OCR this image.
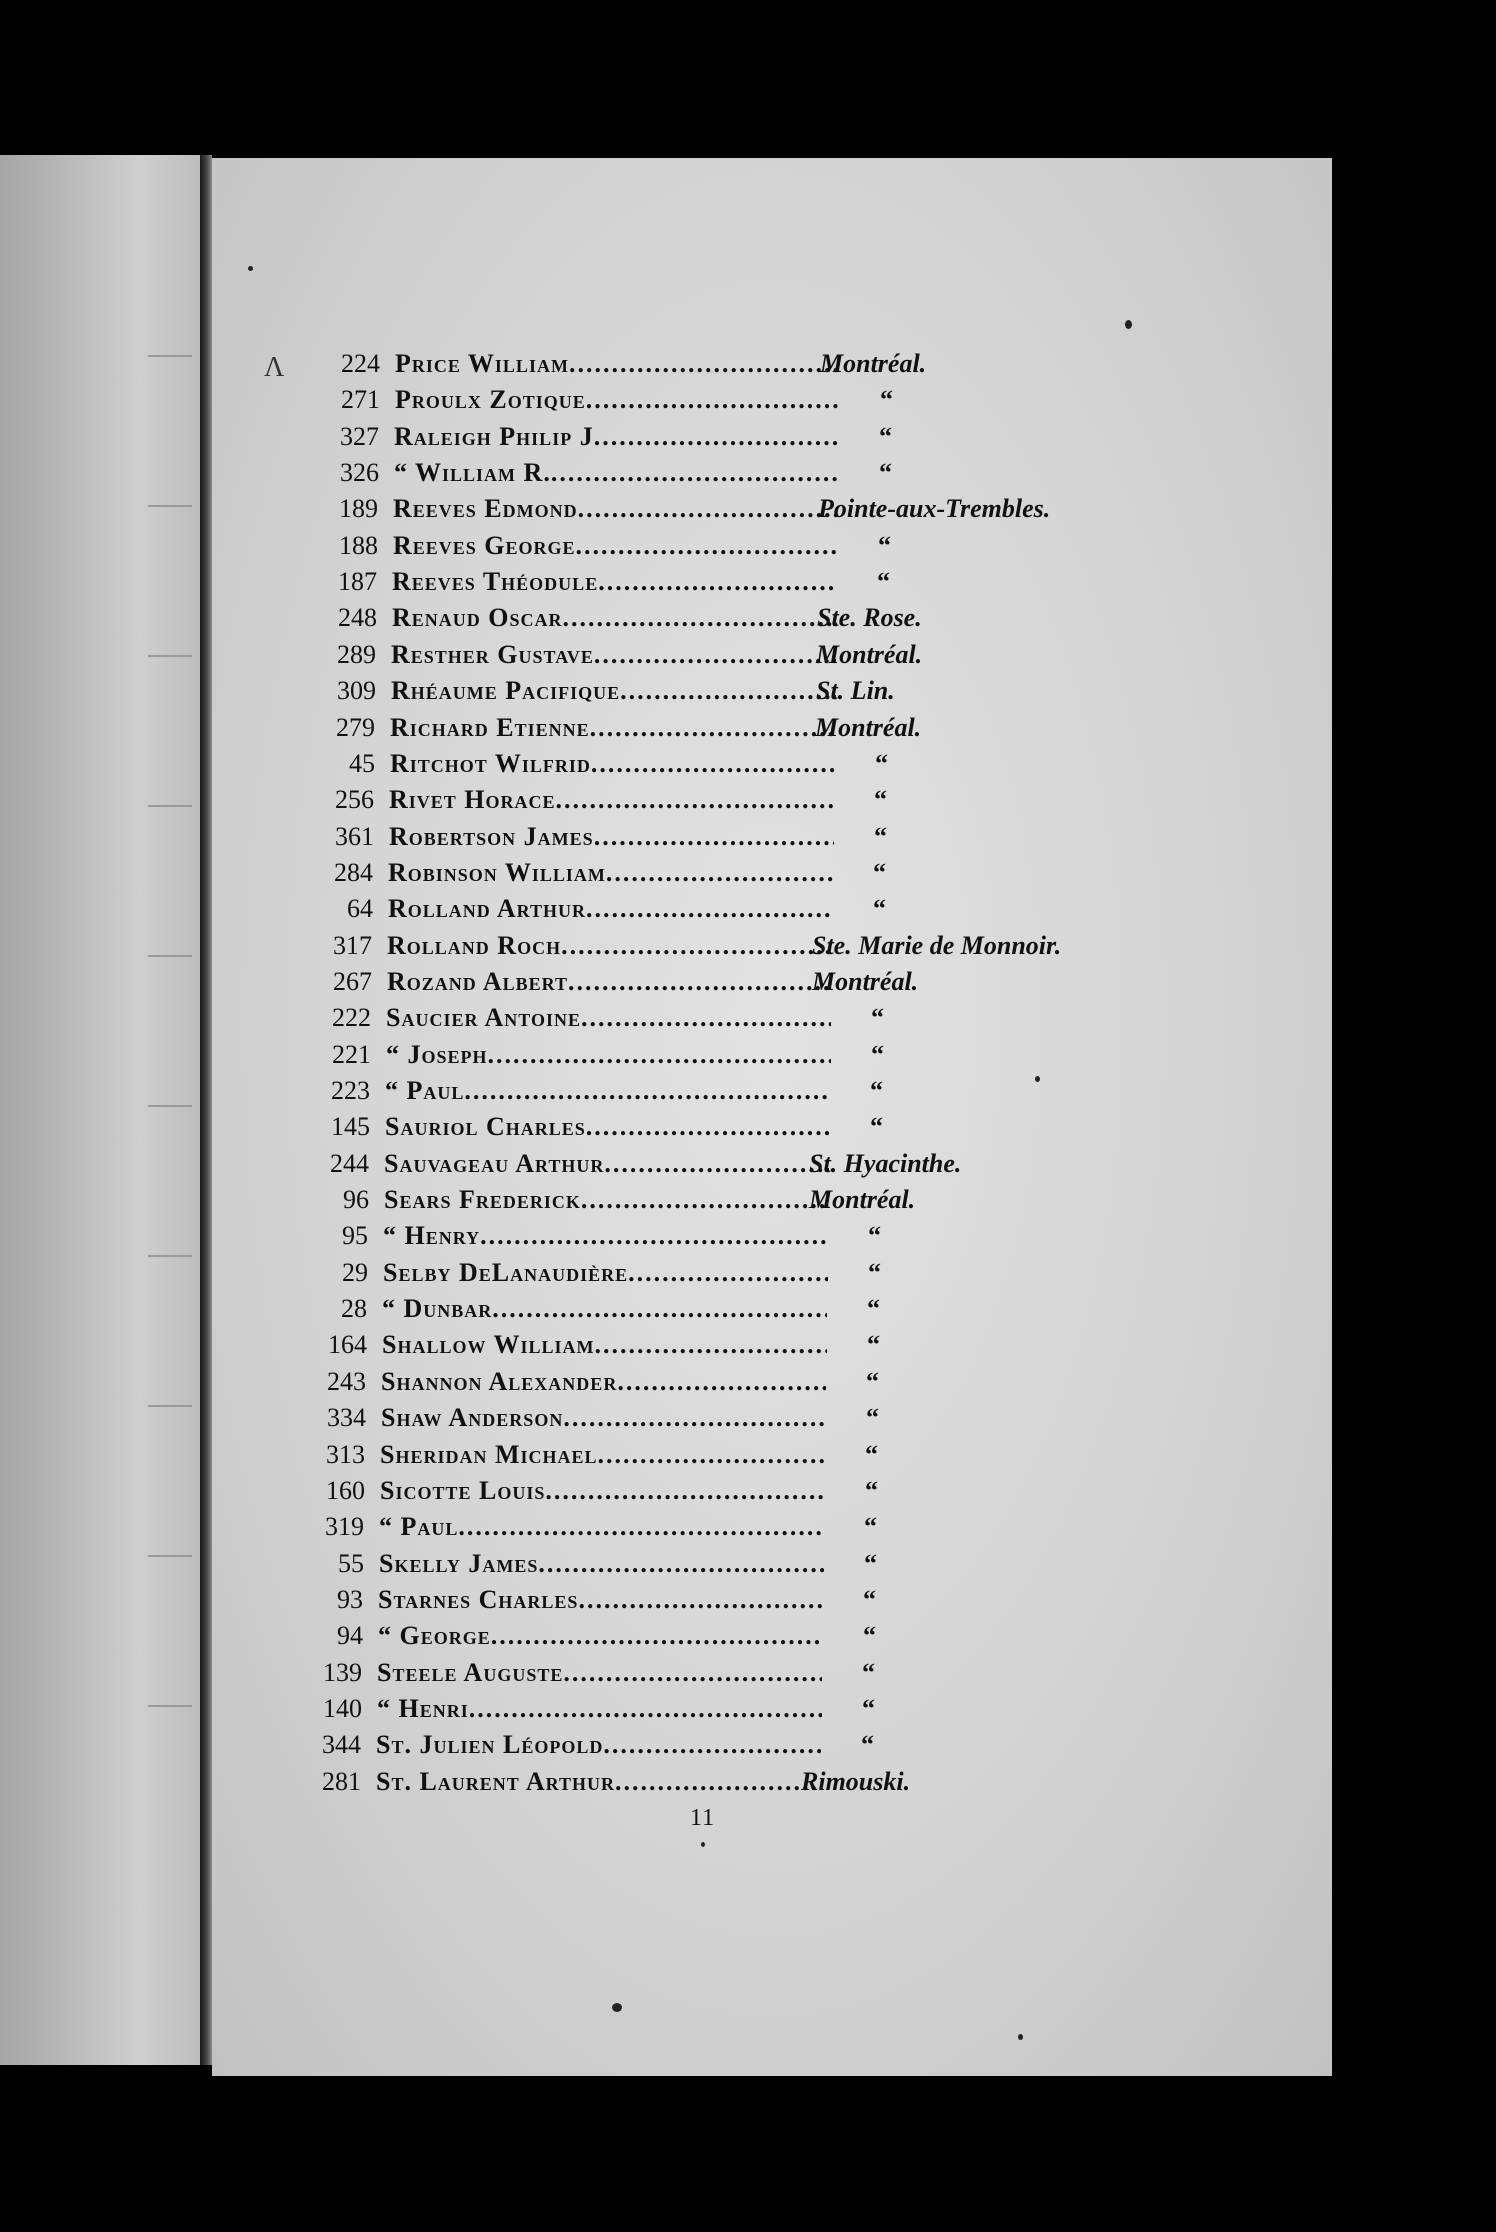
Λ	224 Price William .....	Montréal.
271 Proulx Zotique .....	“
327 Raleigh Philip J .....	“
326 “ William R. .....	“
189 Reeves Edmond .....	Pointe-aux-Trembles.
188 Reeves George .....	“
187 Reeves Théodule .....	“
248 Renaud Oscar .....	Ste. Rose.
289 Resther Gustave .....	Montréal.
309 Rhéaume Pacifique .....	St. Lin.
279 Richard Etienne .....	Montréal.
45 Ritchot Wilfrid .....	“
256 Rivet Horace .....	“
361 Robertson James .....	“
284 Robinson William .....	“
64 Rolland Arthur .....	“
317 Rolland Roch .....	Ste. Marie de Monnoir.
267 Rozand Albert .....	Montréal.
222 Saucier Antoine .....	“
221 “ Joseph .....	“
223 “ Paul .....	“
145 Sauriol Charles .....	“
244 Sauvageau Arthur .....	St. Hyacinthe.
96 Sears Frederick .....	Montréal.
95 “ Henry .....	“
29 Selby DeLanaudière .....	“
28 “ Dunbar .....	“
164 Shallow William .....	“
243 Shannon Alexander .....	“
334 Shaw Anderson .....	“
313 Sheridan Michael .....	“
160 Sicotte Louis .....	“
319 “ Paul .....	“
55 Skelly James .....	“
93 Starnes Charles .....	“
94 “ George .....	“
139 Steele Auguste .....	“
140 “ Henri .....	“
344 St. Julien Léopold .....	“
281 St. Laurent Arthur .....	Rimouski.
11
